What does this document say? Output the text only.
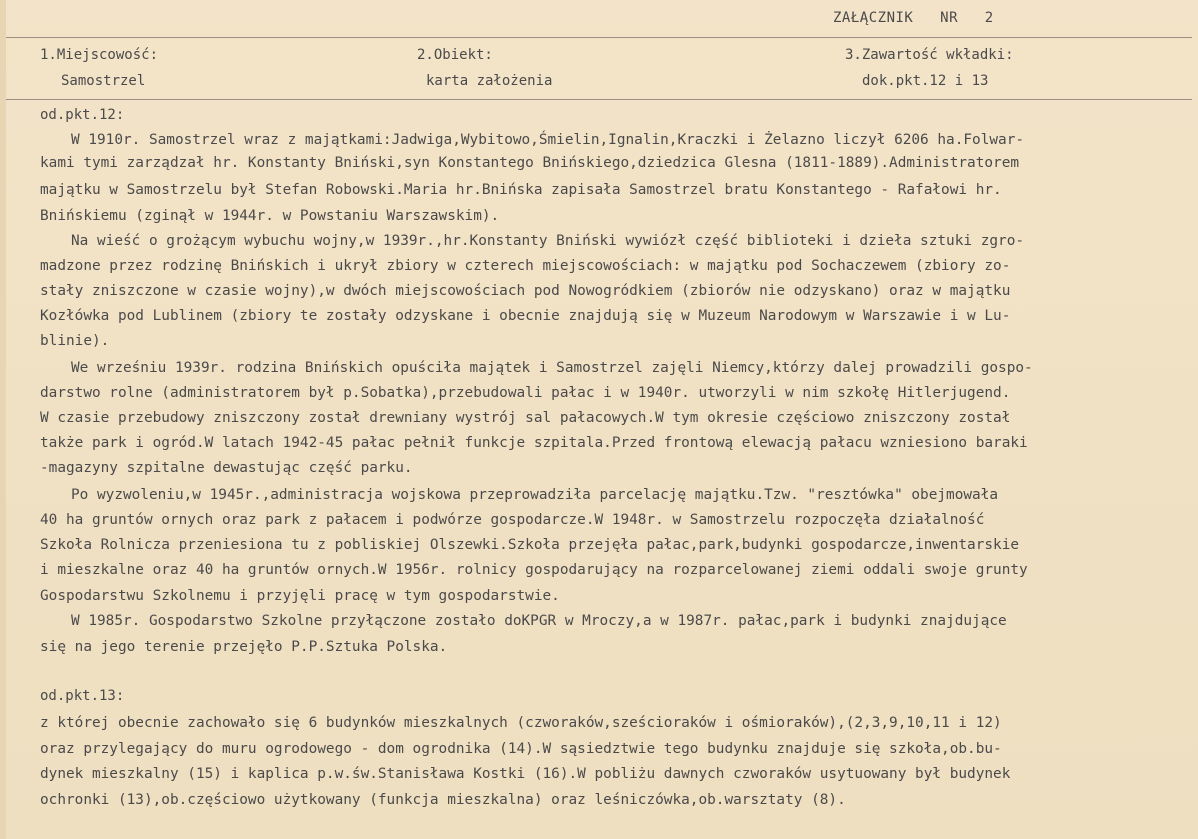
ZAŁĄCZNIK   NR   2
1.Miejscowość:
Samostrzel
2.Obiekt:
karta założenia
3.Zawartość wkładki:
dok.pkt.12 i 13
od.pkt.12:
W 1910r. Samostrzel wraz z majątkami:Jadwiga,Wybitowo,Śmielin,Ignalin,Kraczki i Żelazno liczył 6206 ha.Folwar-
kami tymi zarządzał hr. Konstanty Bniński,syn Konstantego Bnińskiego,dziedzica Glesna (1811-1889).Administratorem
majątku w Samostrzelu był Stefan Robowski.Maria hr.Bnińska zapisała Samostrzel bratu Konstantego - Rafałowi hr.
Bnińskiemu (zginął w 1944r. w Powstaniu Warszawskim).
Na wieść o grożącym wybuchu wojny,w 1939r.,hr.Konstanty Bniński wywiózł część biblioteki i dzieła sztuki zgro-
madzone przez rodzinę Bnińskich i ukrył zbiory w czterech miejscowościach: w majątku pod Sochaczewem (zbiory zo-
stały zniszczone w czasie wojny),w dwóch miejscowościach pod Nowogródkiem (zbiorów nie odzyskano) oraz w majątku
Kozłówka pod Lublinem (zbiory te zostały odzyskane i obecnie znajdują się w Muzeum Narodowym w Warszawie i w Lu-
blinie).
We wrześniu 1939r. rodzina Bnińskich opuściła majątek i Samostrzel zajęli Niemcy,którzy dalej prowadzili gospo-
darstwo rolne (administratorem był p.Sobatka),przebudowali pałac i w 1940r. utworzyli w nim szkołę Hitlerjugend.
W czasie przebudowy zniszczony został drewniany wystrój sal pałacowych.W tym okresie częściowo zniszczony został
także park i ogród.W latach 1942-45 pałac pełnił funkcje szpitala.Przed frontową elewacją pałacu wzniesiono baraki
-magazyny szpitalne dewastując część parku.
Po wyzwoleniu,w 1945r.,administracja wojskowa przeprowadziła parcelację majątku.Tzw. "resztówka" obejmowała
40 ha gruntów ornych oraz park z pałacem i podwórze gospodarcze.W 1948r. w Samostrzelu rozpoczęła działalność
Szkoła Rolnicza przeniesiona tu z pobliskiej Olszewki.Szkoła przejęła pałac,park,budynki gospodarcze,inwentarskie
i mieszkalne oraz 40 ha gruntów ornych.W 1956r. rolnicy gospodarujący na rozparcelowanej ziemi oddali swoje grunty
Gospodarstwu Szkolnemu i przyjęli pracę w tym gospodarstwie.
W 1985r. Gospodarstwo Szkolne przyłączone zostało doKPGR w Mroczy,a w 1987r. pałac,park i budynki znajdujące
się na jego terenie przejęło P.P.Sztuka Polska.
od.pkt.13:
z której obecnie zachowało się 6 budynków mieszkalnych (czworaków,sześcioraków i ośmioraków),(2,3,9,10,11 i 12)
oraz przylegający do muru ogrodowego - dom ogrodnika (14).W sąsiedztwie tego budynku znajduje się szkoła,ob.bu-
dynek mieszkalny (15) i kaplica p.w.św.Stanisława Kostki (16).W pobliżu dawnych czworaków usytuowany był budynek
ochronki (13),ob.częściowo użytkowany (funkcja mieszkalna) oraz leśniczówka,ob.warsztaty (8).
